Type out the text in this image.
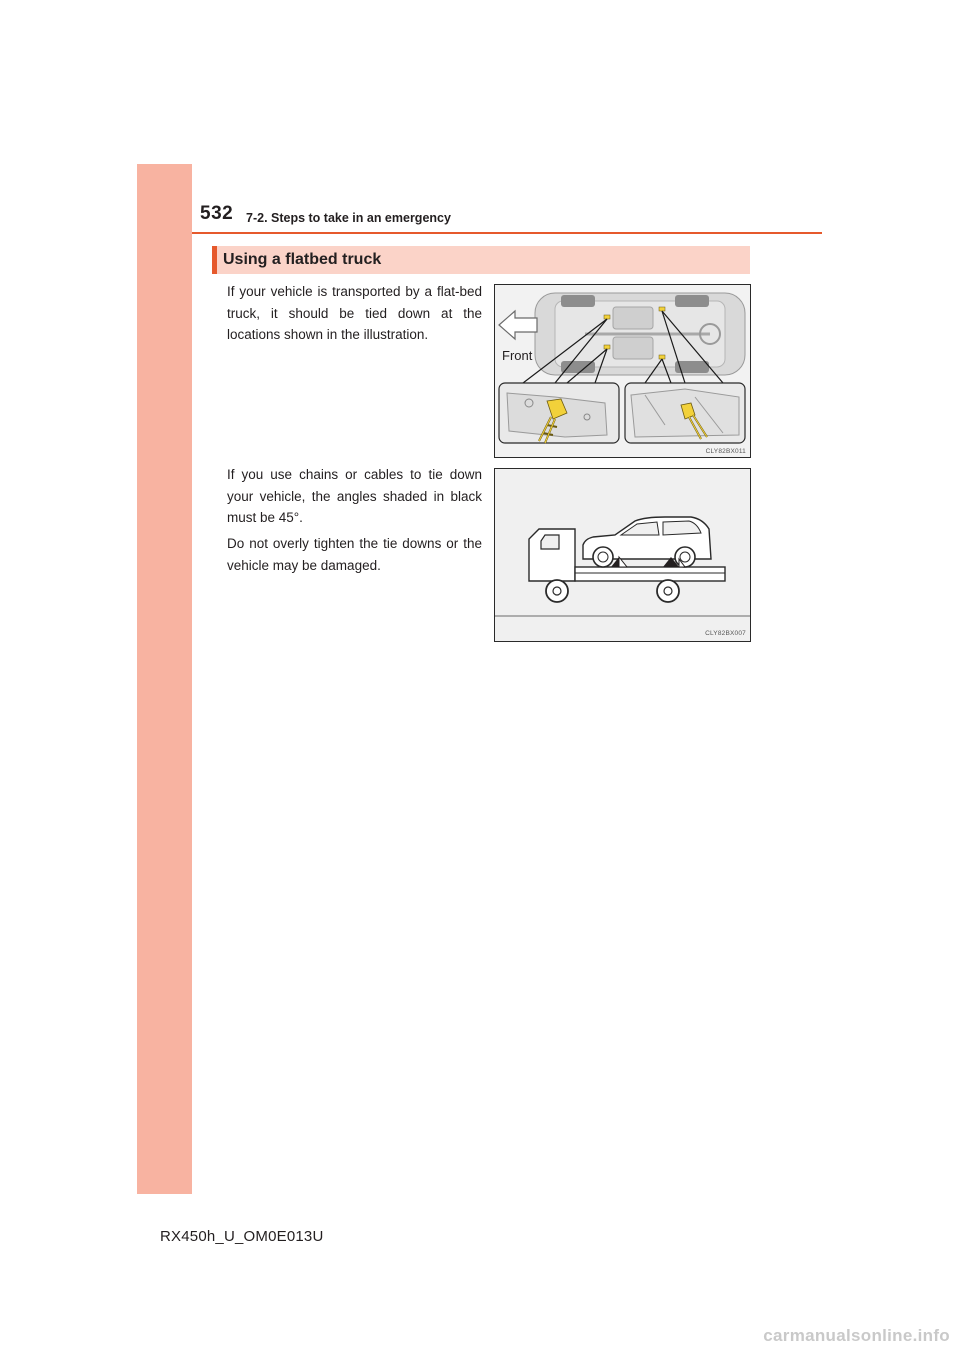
532 7-2. Steps to take in an emergency
Using a flatbed truck

If your vehicle is transported by a flat-bed truck, it should be tied down at the locations shown in the illustration.

If you use chains or cables to tie down your vehicle, the angles shaded in black must be 45°.

Do not overly tighten the tie downs or the vehicle may be damaged.

Front
CLY82BX011
CLY82BX007
RX450h_U_OM0E013U
carmanualsonline.info
